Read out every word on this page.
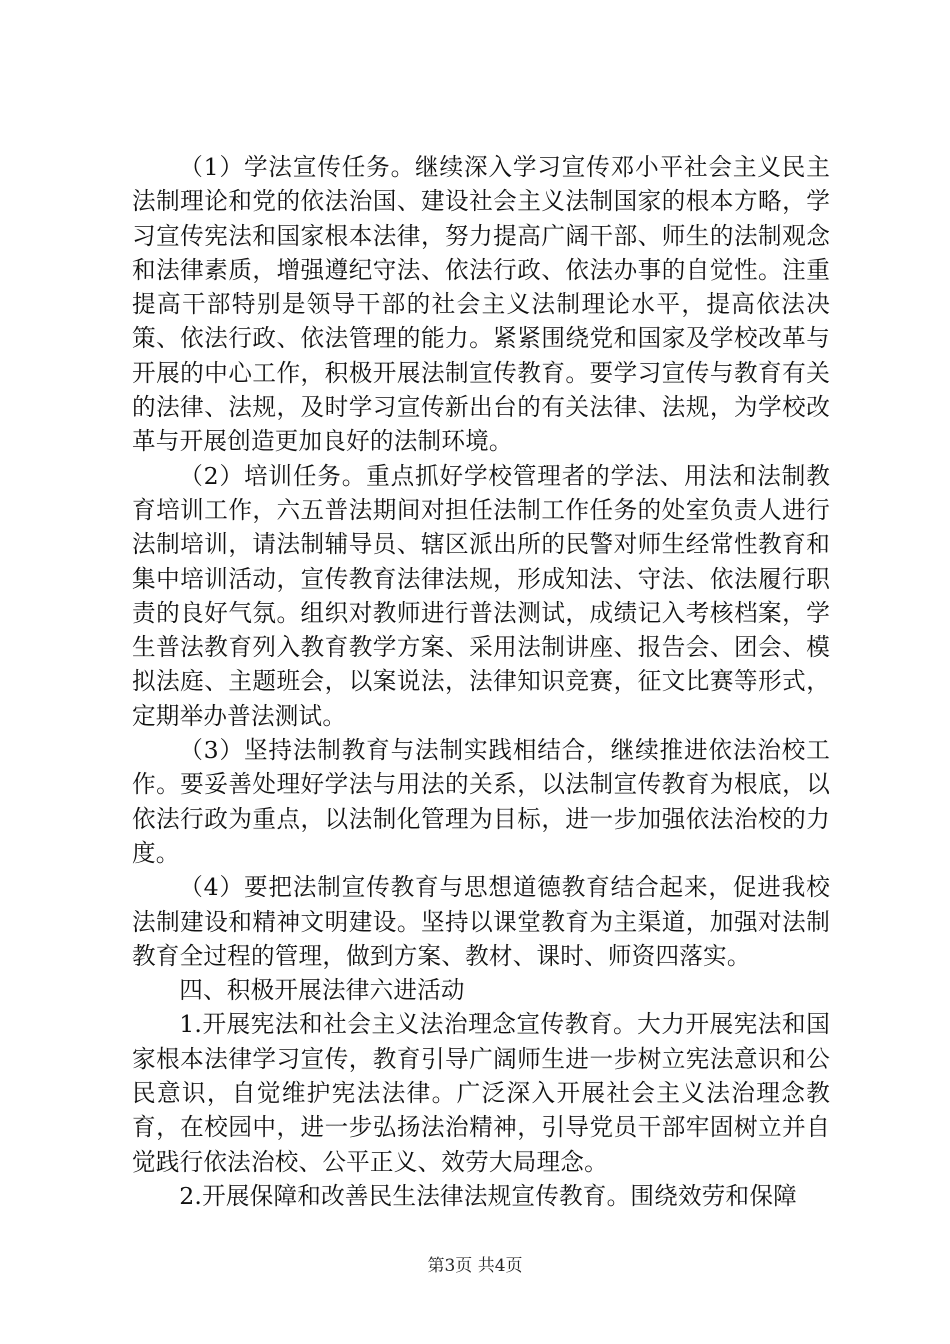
（1）学法宣传任务。继续深入学习宣传邓小平社会主义民主法制理论和党的依法治国、建设社会主义法制国家的根本方略，学习宣传宪法和国家根本法律，努力提高广阔干部、师生的法制观念和法律素质，增强遵纪守法、依法行政、依法办事的自觉性。注重提高干部特别是领导干部的社会主义法制理论水平，提高依法决策、依法行政、依法管理的能力。紧紧围绕党和国家及学校改革与开展的中心工作，积极开展法制宣传教育。要学习宣传与教育有关的法律、法规，及时学习宣传新出台的有关法律、法规，为学校改革与开展创造更加良好的法制环境。

（2）培训任务。重点抓好学校管理者的学法、用法和法制教育培训工作，六五普法期间对担任法制工作任务的处室负责人进行法制培训，请法制辅导员、辖区派出所的民警对师生经常性教育和集中培训活动，宣传教育法律法规，形成知法、守法、依法履行职责的良好气氛。组织对教师进行普法测试，成绩记入考核档案，学生普法教育列入教育教学方案、采用法制讲座、报告会、团会、模拟法庭、主题班会，以案说法，法律知识竞赛，征文比赛等形式，定期举办普法测试。

（3）坚持法制教育与法制实践相结合，继续推进依法治校工作。要妥善处理好学法与用法的关系，以法制宣传教育为根底，以依法行政为重点，以法制化管理为目标，进一步加强依法治校的力度。

（4）要把法制宣传教育与思想道德教育结合起来，促进我校法制建设和精神文明建设。坚持以课堂教育为主渠道，加强对法制教育全过程的管理，做到方案、教材、课时、师资四落实。

四、积极开展法律六进活动

1.开展宪法和社会主义法治理念宣传教育。大力开展宪法和国家根本法律学习宣传，教育引导广阔师生进一步树立宪法意识和公民意识，自觉维护宪法法律。广泛深入开展社会主义法治理念教育，在校园中，进一步弘扬法治精神，引导党员干部牢固树立并自觉践行依法治校、公平正义、效劳大局理念。

2.开展保障和改善民生法律法规宣传教育。围绕效劳和保障

第3页 共4页
